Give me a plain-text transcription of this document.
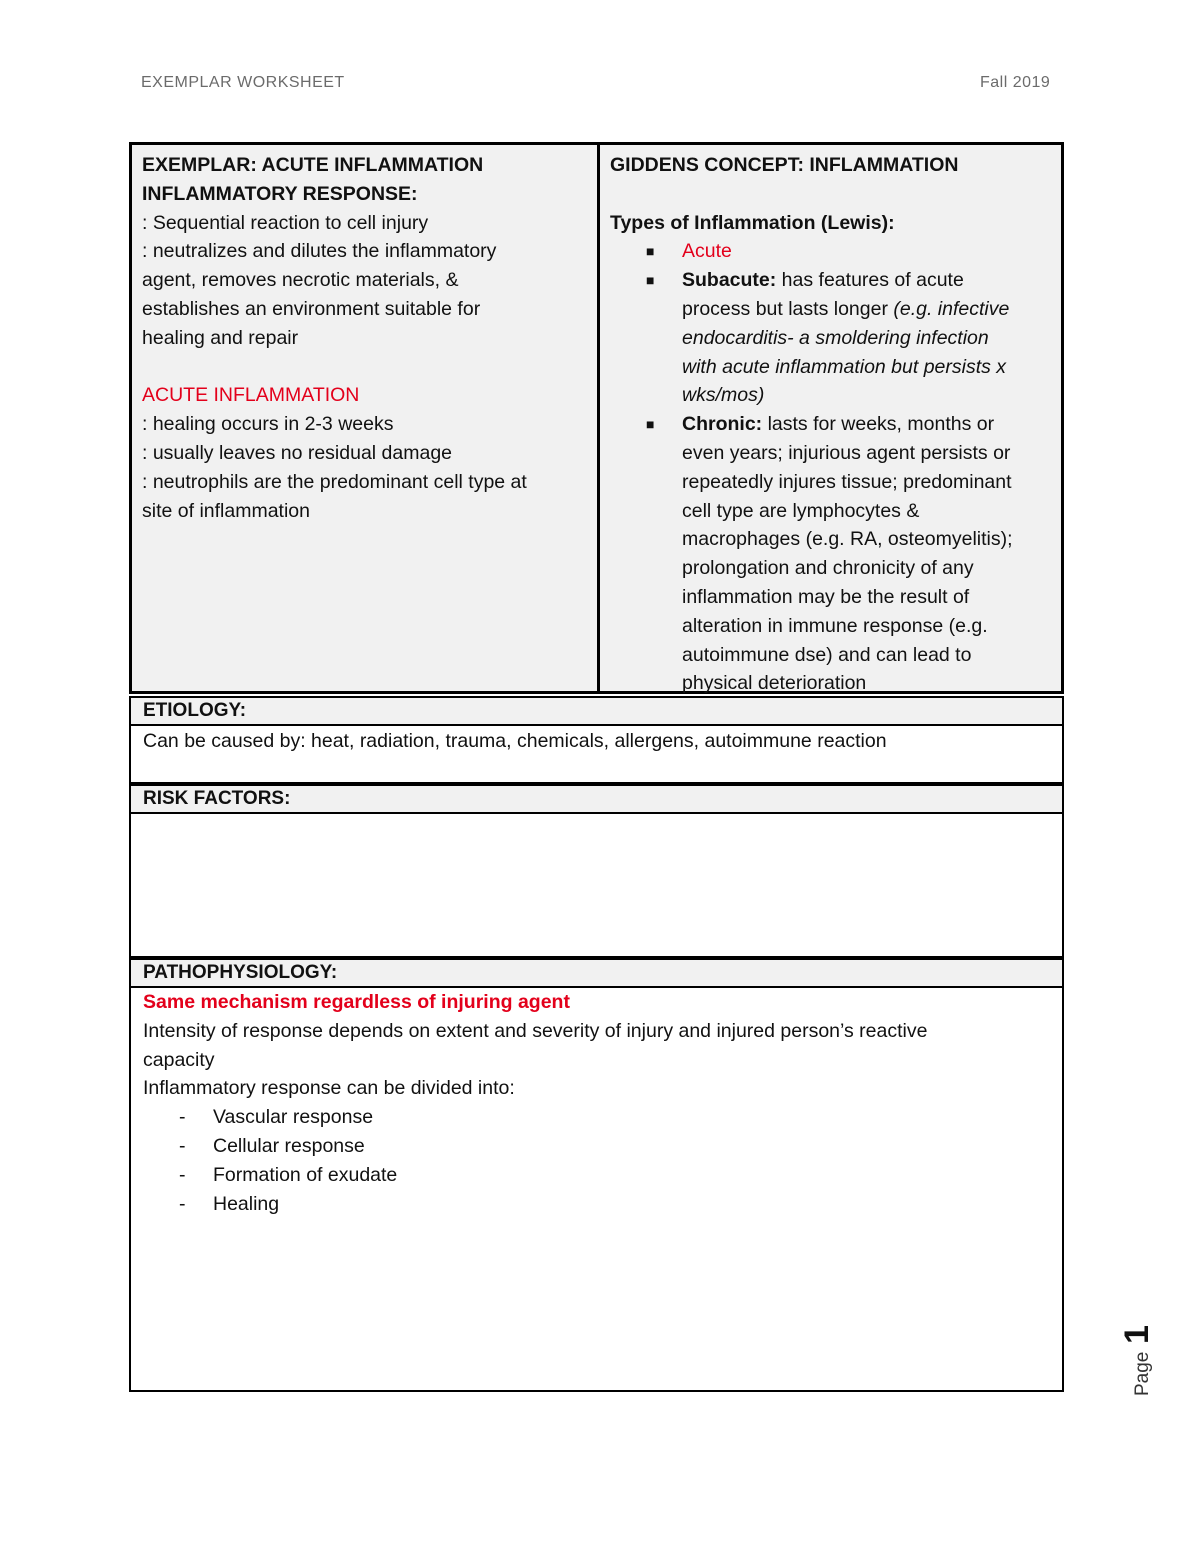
EXEMPLAR WORKSHEET	Fall 2019
EXEMPLAR: ACUTE INFLAMMATION
INFLAMMATORY RESPONSE:
: Sequential reaction to cell injury
: neutralizes and dilutes the inflammatory
agent, removes necrotic materials, &
establishes an environment suitable for
healing and repair
ACUTE INFLAMMATION
: healing occurs in 2-3 weeks
: usually leaves no residual damage
: neutrophils are the predominant cell type at
site of inflammation
GIDDENS CONCEPT: INFLAMMATION
Types of Inflammation (Lewis):
■ Acute
■ Subacute: has features of acute
process but lasts longer (e.g. infective
endocarditis- a smoldering infection
with acute inflammation but persists x
wks/mos)
■ Chronic: lasts for weeks, months or
even years; injurious agent persists or
repeatedly injures tissue; predominant
cell type are lymphocytes &
macrophages (e.g. RA, osteomyelitis);
prolongation and chronicity of any
inflammation may be the result of
alteration in immune response (e.g.
autoimmune dse) and can lead to
physical deterioration
ETIOLOGY:
Can be caused by: heat, radiation, trauma, chemicals, allergens, autoimmune reaction
RISK FACTORS:
PATHOPHYSIOLOGY:
Same mechanism regardless of injuring agent
Intensity of response depends on extent and severity of injury and injured person’s reactive
capacity
Inflammatory response can be divided into:
- Vascular response
- Cellular response
- Formation of exudate
- Healing
Page
1
